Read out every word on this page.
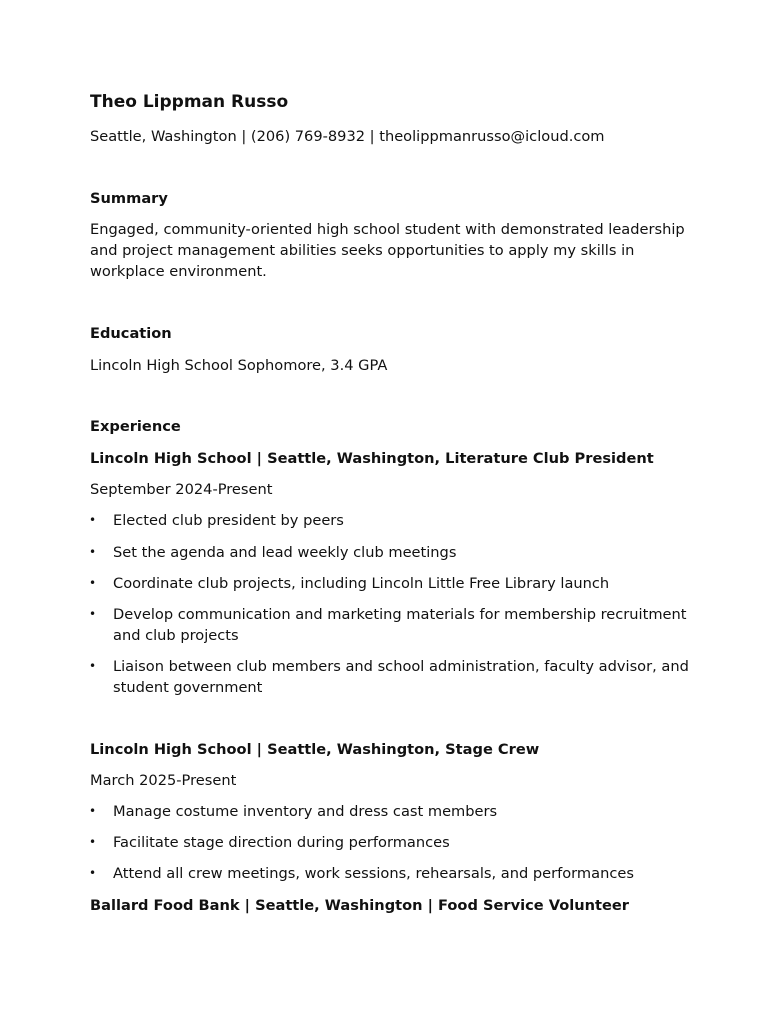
Theo Lippman Russo
Seattle, Washington | (206) 769-8932 | theolippmanrusso@icloud.com
Summary
Engaged, community-oriented high school student with demonstrated leadership and project management abilities seeks opportunities to apply my skills in workplace environment.
Education
Lincoln High School Sophomore, 3.4 GPA
Experience
Lincoln High School | Seattle, Washington, Literature Club President
September 2024-Present
•	Elected club president by peers
•	Set the agenda and lead weekly club meetings
•	Coordinate club projects, including Lincoln Little Free Library launch
•	Develop communication and marketing materials for membership recruitment and club projects
•	Liaison between club members and school administration, faculty advisor, and student government
Lincoln High School | Seattle, Washington, Stage Crew
March 2025-Present
•	Manage costume inventory and dress cast members
•	Facilitate stage direction during performances
•	Attend all crew meetings, work sessions, rehearsals, and performances
Ballard Food Bank | Seattle, Washington | Food Service Volunteer
